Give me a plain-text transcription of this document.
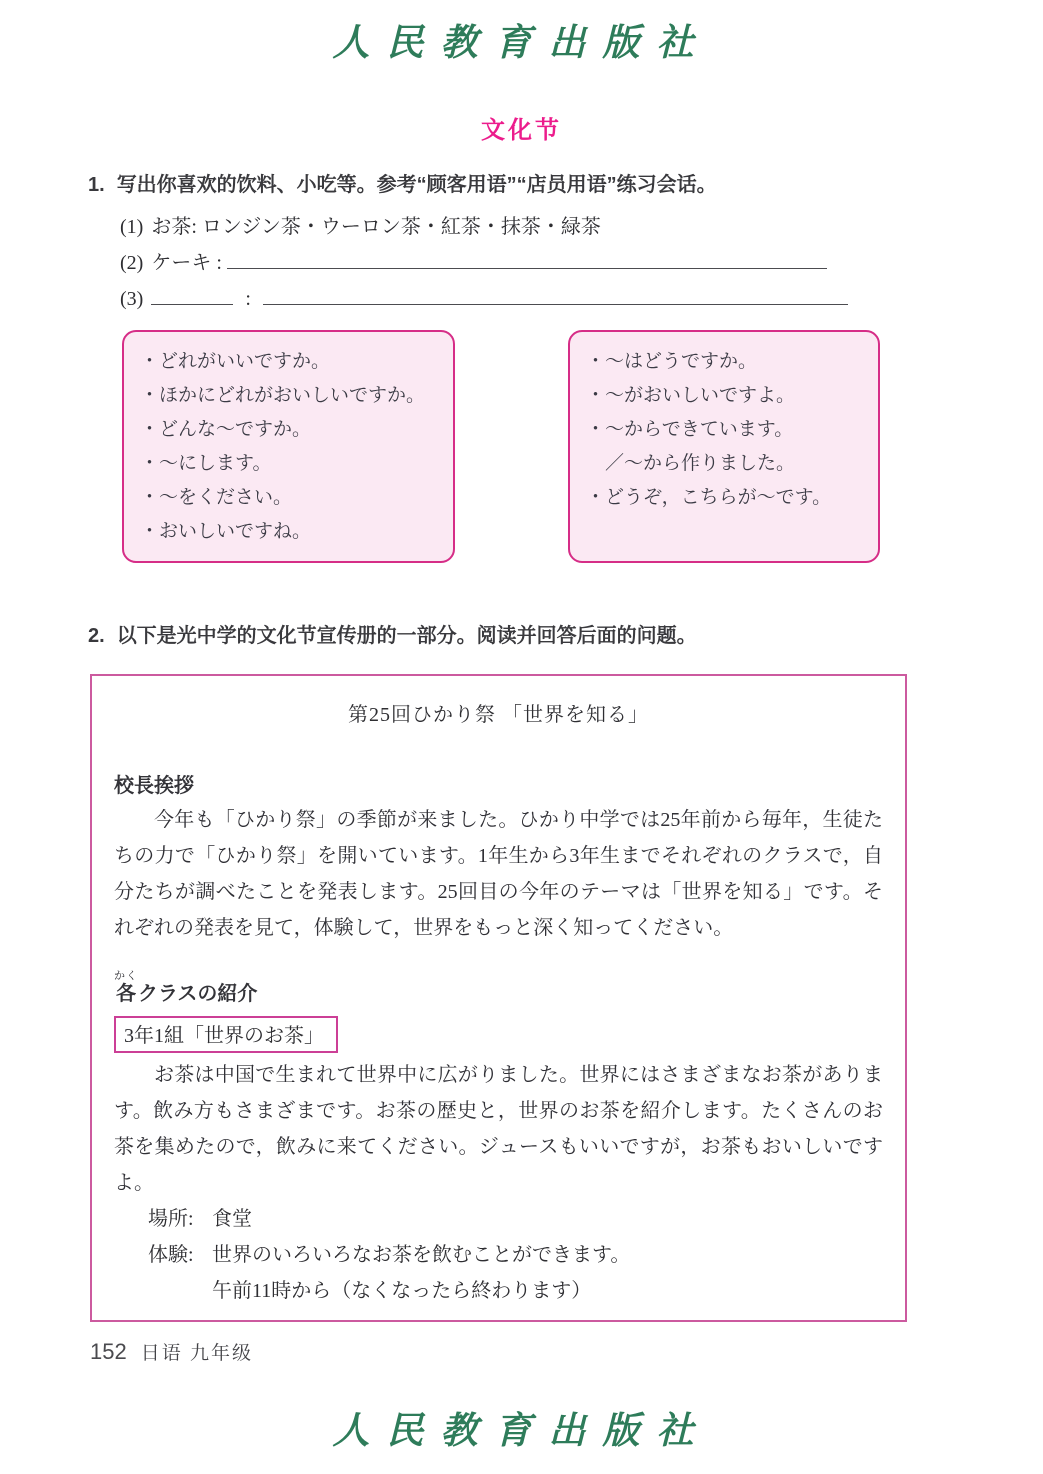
人民教育出版社
文化节
1. 写出你喜欢的饮料、小吃等。参考“顾客用语”“店员用语”练习会话。
(1) お茶: ロンジン茶・ウーロン茶・紅茶・抹茶・緑茶
(2) ケーキ :
(3)	:
・どれがいいですか。
・ほかにどれがおいしいですか。
・どんな～ですか。
・～にします。
・～をください。
・おいしいですね。
・～はどうですか。
・～がおいしいですよ。
・～からできています。
　／～から作りました。
・どうぞ，こちらが～です。
2. 以下是光中学的文化节宣传册的一部分。阅读并回答后面的问题。
第25回ひかり祭 「世界を知る」
校長挨拶

今年も「ひかり祭」の季節が来ました。ひかり中学では25年前から毎年，生徒たちの力で「ひかり祭」を開いています。1年生から3年生までそれぞれのクラスで，自分たちが調べたことを発表します。25回目の今年のテーマは「世界を知る」です。それぞれの発表を見て，体験して，世界をもっと深く知ってください。

かく
各 クラスの紹介
3年1組「世界のお茶」

お茶は中国で生まれて世界中に広がりました。世界にはさまざまなお茶があります。飲み方もさまざまです。お茶の歴史と，世界のお茶を紹介します。たくさんのお茶を集めたので，飲みに来てください。ジュースもいいですが，お茶もおいしいですよ。

場所: 食堂
体験: 世界のいろいろなお茶を飲むことができます。
午前11時から（なくなったら終わります）
152 日语 九年级
人民教育出版社
